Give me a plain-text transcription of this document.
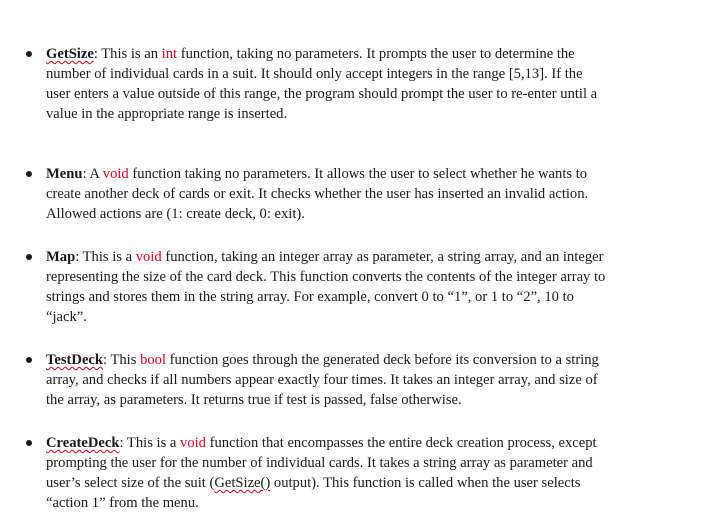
GetSize: This is an int function, taking no parameters. It prompts the user to determine the
number of individual cards in a suit. It should only accept integers in the range [5,13]. If the
user enters a value outside of this range, the program should prompt the user to re-enter until a
value in the appropriate range is inserted.
Menu: A void function taking no parameters. It allows the user to select whether he wants to
create another deck of cards or exit. It checks whether the user has inserted an invalid action.
Allowed actions are (1: create deck, 0: exit).
Map: This is a void function, taking an integer array as parameter, a string array, and an integer
representing the size of the card deck. This function converts the contents of the integer array to
strings and stores them in the string array. For example, convert 0 to “1”, or 1 to “2”, 10 to
“jack”.
TestDeck: This bool function goes through the generated deck before its conversion to a string
array, and checks if all numbers appear exactly four times. It takes an integer array, and size of
the array, as parameters. It returns true if test is passed, false otherwise.
CreateDeck: This is a void function that encompasses the entire deck creation process, except
prompting the user for the number of individual cards. It takes a string array as parameter and
user’s select size of the suit (GetSize() output). This function is called when the user selects
“action 1” from the menu.
